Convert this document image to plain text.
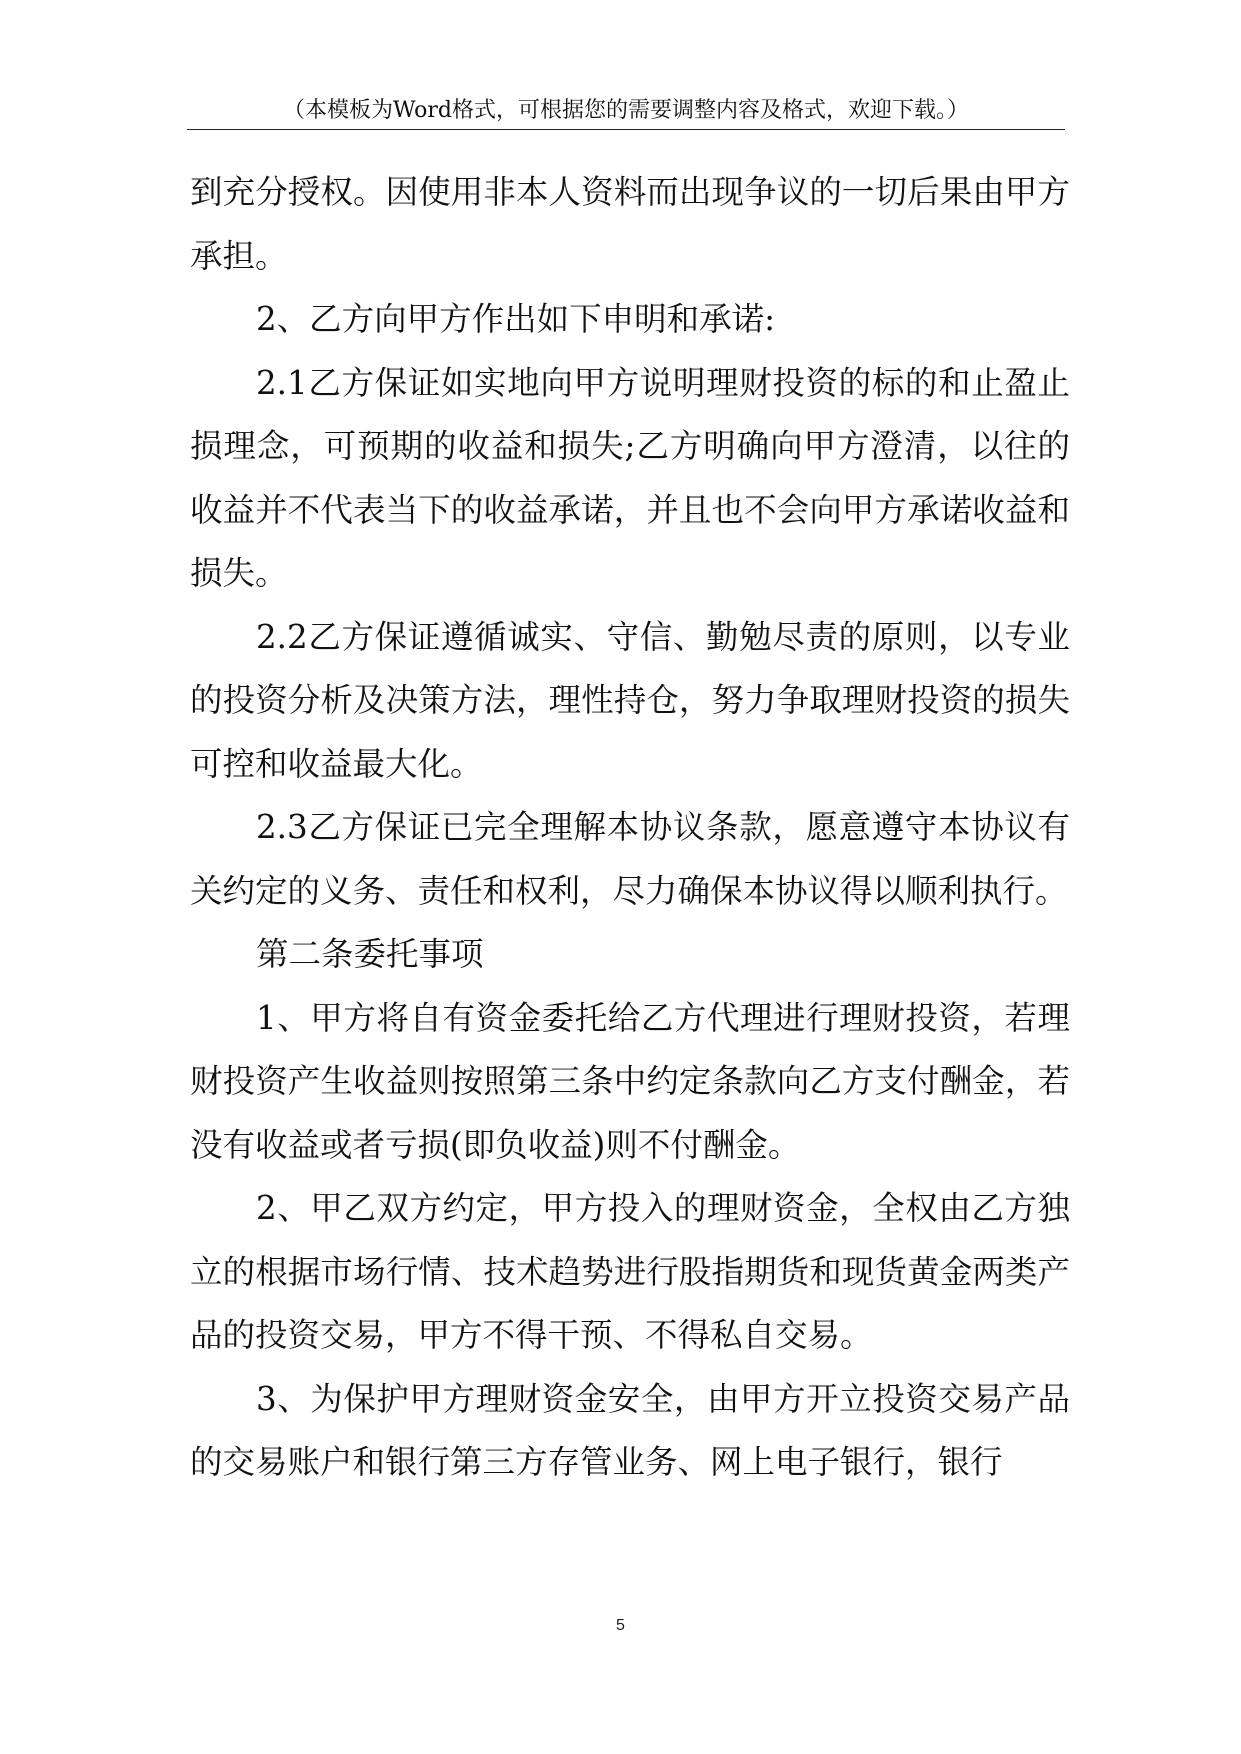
（本模板为Word格式，可根据您的需要调整内容及格式，欢迎下载。）

到充分授权。因使用非本人资料而出现争议的一切后果由甲方承担。

2、乙方向甲方作出如下申明和承诺:

2.1乙方保证如实地向甲方说明理财投资的标的和止盈止损理念，可预期的收益和损失;乙方明确向甲方澄清，以往的收益并不代表当下的收益承诺，并且也不会向甲方承诺收益和损失。

2.2乙方保证遵循诚实、守信、勤勉尽责的原则，以专业的投资分析及决策方法，理性持仓，努力争取理财投资的损失可控和收益最大化。

2.3乙方保证已完全理解本协议条款，愿意遵守本协议有关约定的义务、责任和权利，尽力确保本协议得以顺利执行。

第二条委托事项

1、甲方将自有资金委托给乙方代理进行理财投资，若理财投资产生收益则按照第三条中约定条款向乙方支付酬金，若没有收益或者亏损(即负收益)则不付酬金。

2、甲乙双方约定，甲方投入的理财资金，全权由乙方独立的根据市场行情、技术趋势进行股指期货和现货黄金两类产品的投资交易，甲方不得干预、不得私自交易。

3、为保护甲方理财资金安全，由甲方开立投资交易产品的交易账户和银行第三方存管业务、网上电子银行，银行

5
